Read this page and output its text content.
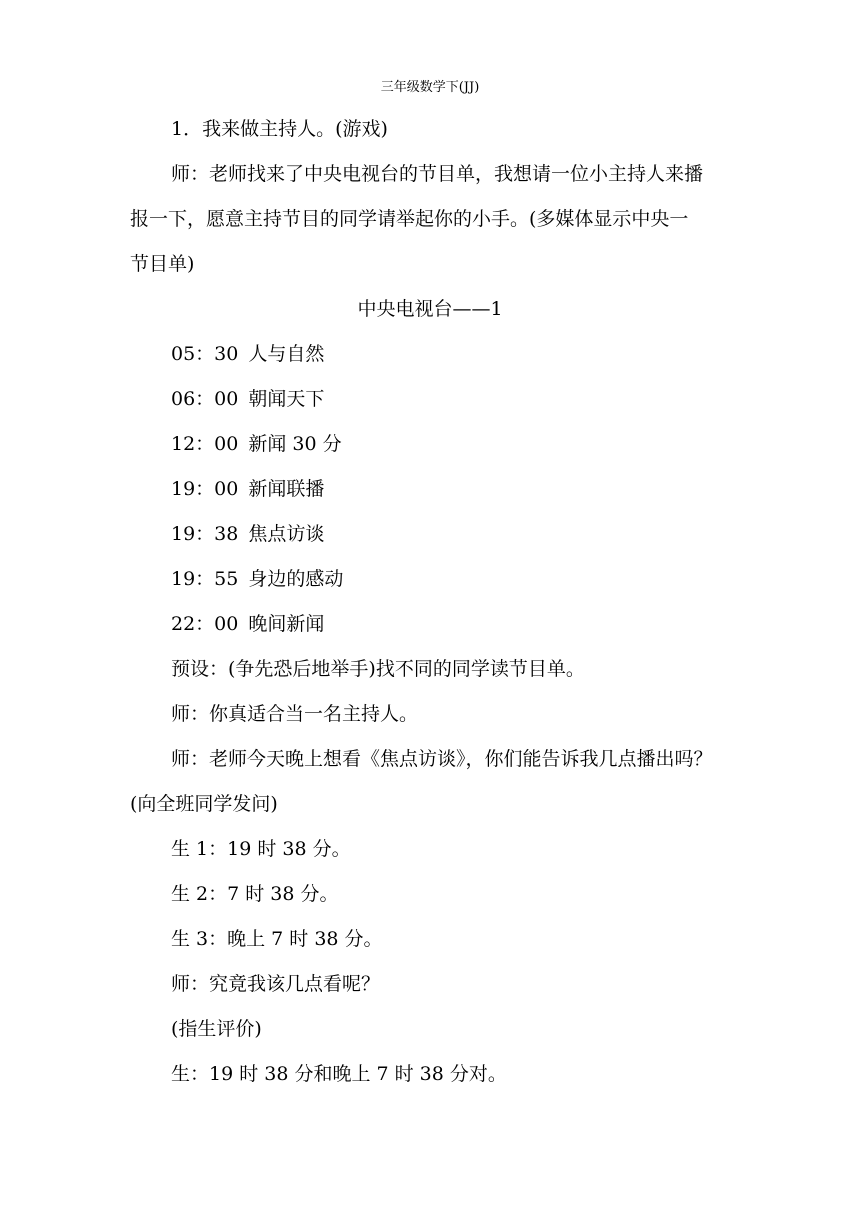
三年级数学下(JJ)
1．我来做主持人。(游戏)
师：老师找来了中央电视台的节目单，我想请一位小主持人来播
报一下，愿意主持节目的同学请举起你的小手。(多媒体显示中央一
节目单)
中央电视台——1
05：30 人与自然
06：00 朝闻天下
12：00 新闻 30 分
19：00 新闻联播
19：38 焦点访谈
19：55 身边的感动
22：00 晚间新闻
预设：(争先恐后地举手)找不同的同学读节目单。
师：你真适合当一名主持人。
师：老师今天晚上想看《焦点访谈》，你们能告诉我几点播出吗？
(向全班同学发问)
生 1：19 时 38 分。
生 2：7 时 38 分。
生 3：晚上 7 时 38 分。
师：究竟我该几点看呢？
(指生评价)
生：19 时 38 分和晚上 7 时 38 分对。
